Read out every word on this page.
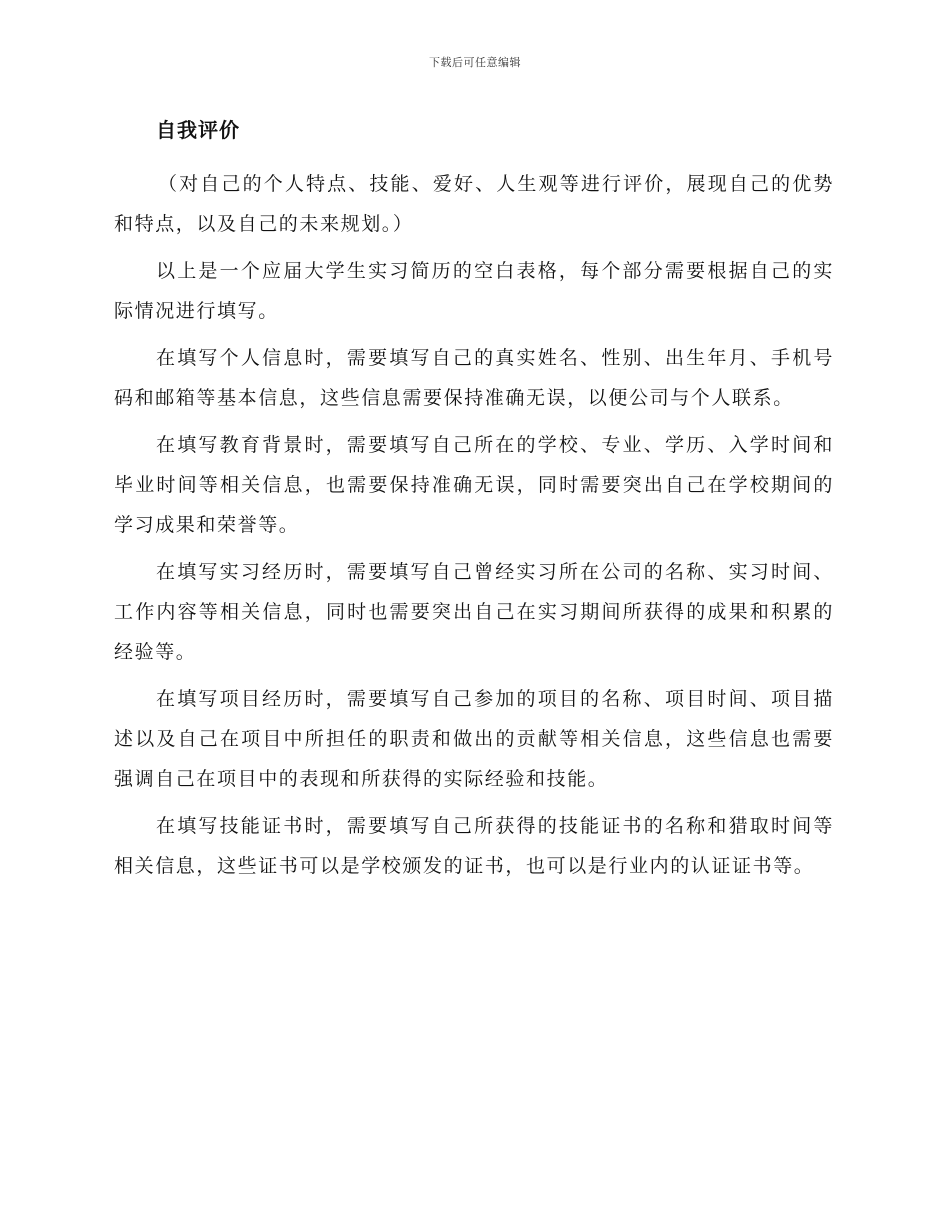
下载后可任意编辑
自我评价

（对自己的个人特点、技能、爱好、人生观等进行评价，展现自己的优势和特点，以及自己的未来规划。）

以上是一个应届大学生实习简历的空白表格，每个部分需要根据自己的实际情况进行填写。

在填写个人信息时，需要填写自己的真实姓名、性别、出生年月、手机号码和邮箱等基本信息，这些信息需要保持准确无误，以便公司与个人联系。

在填写教育背景时，需要填写自己所在的学校、专业、学历、入学时间和毕业时间等相关信息，也需要保持准确无误，同时需要突出自己在学校期间的学习成果和荣誉等。

在填写实习经历时，需要填写自己曾经实习所在公司的名称、实习时间、工作内容等相关信息，同时也需要突出自己在实习期间所获得的成果和积累的经验等。

在填写项目经历时，需要填写自己参加的项目的名称、项目时间、项目描述以及自己在项目中所担任的职责和做出的贡献等相关信息，这些信息也需要强调自己在项目中的表现和所获得的实际经验和技能。

在填写技能证书时，需要填写自己所获得的技能证书的名称和猎取时间等相关信息，这些证书可以是学校颁发的证书，也可以是行业内的认证证书等。
